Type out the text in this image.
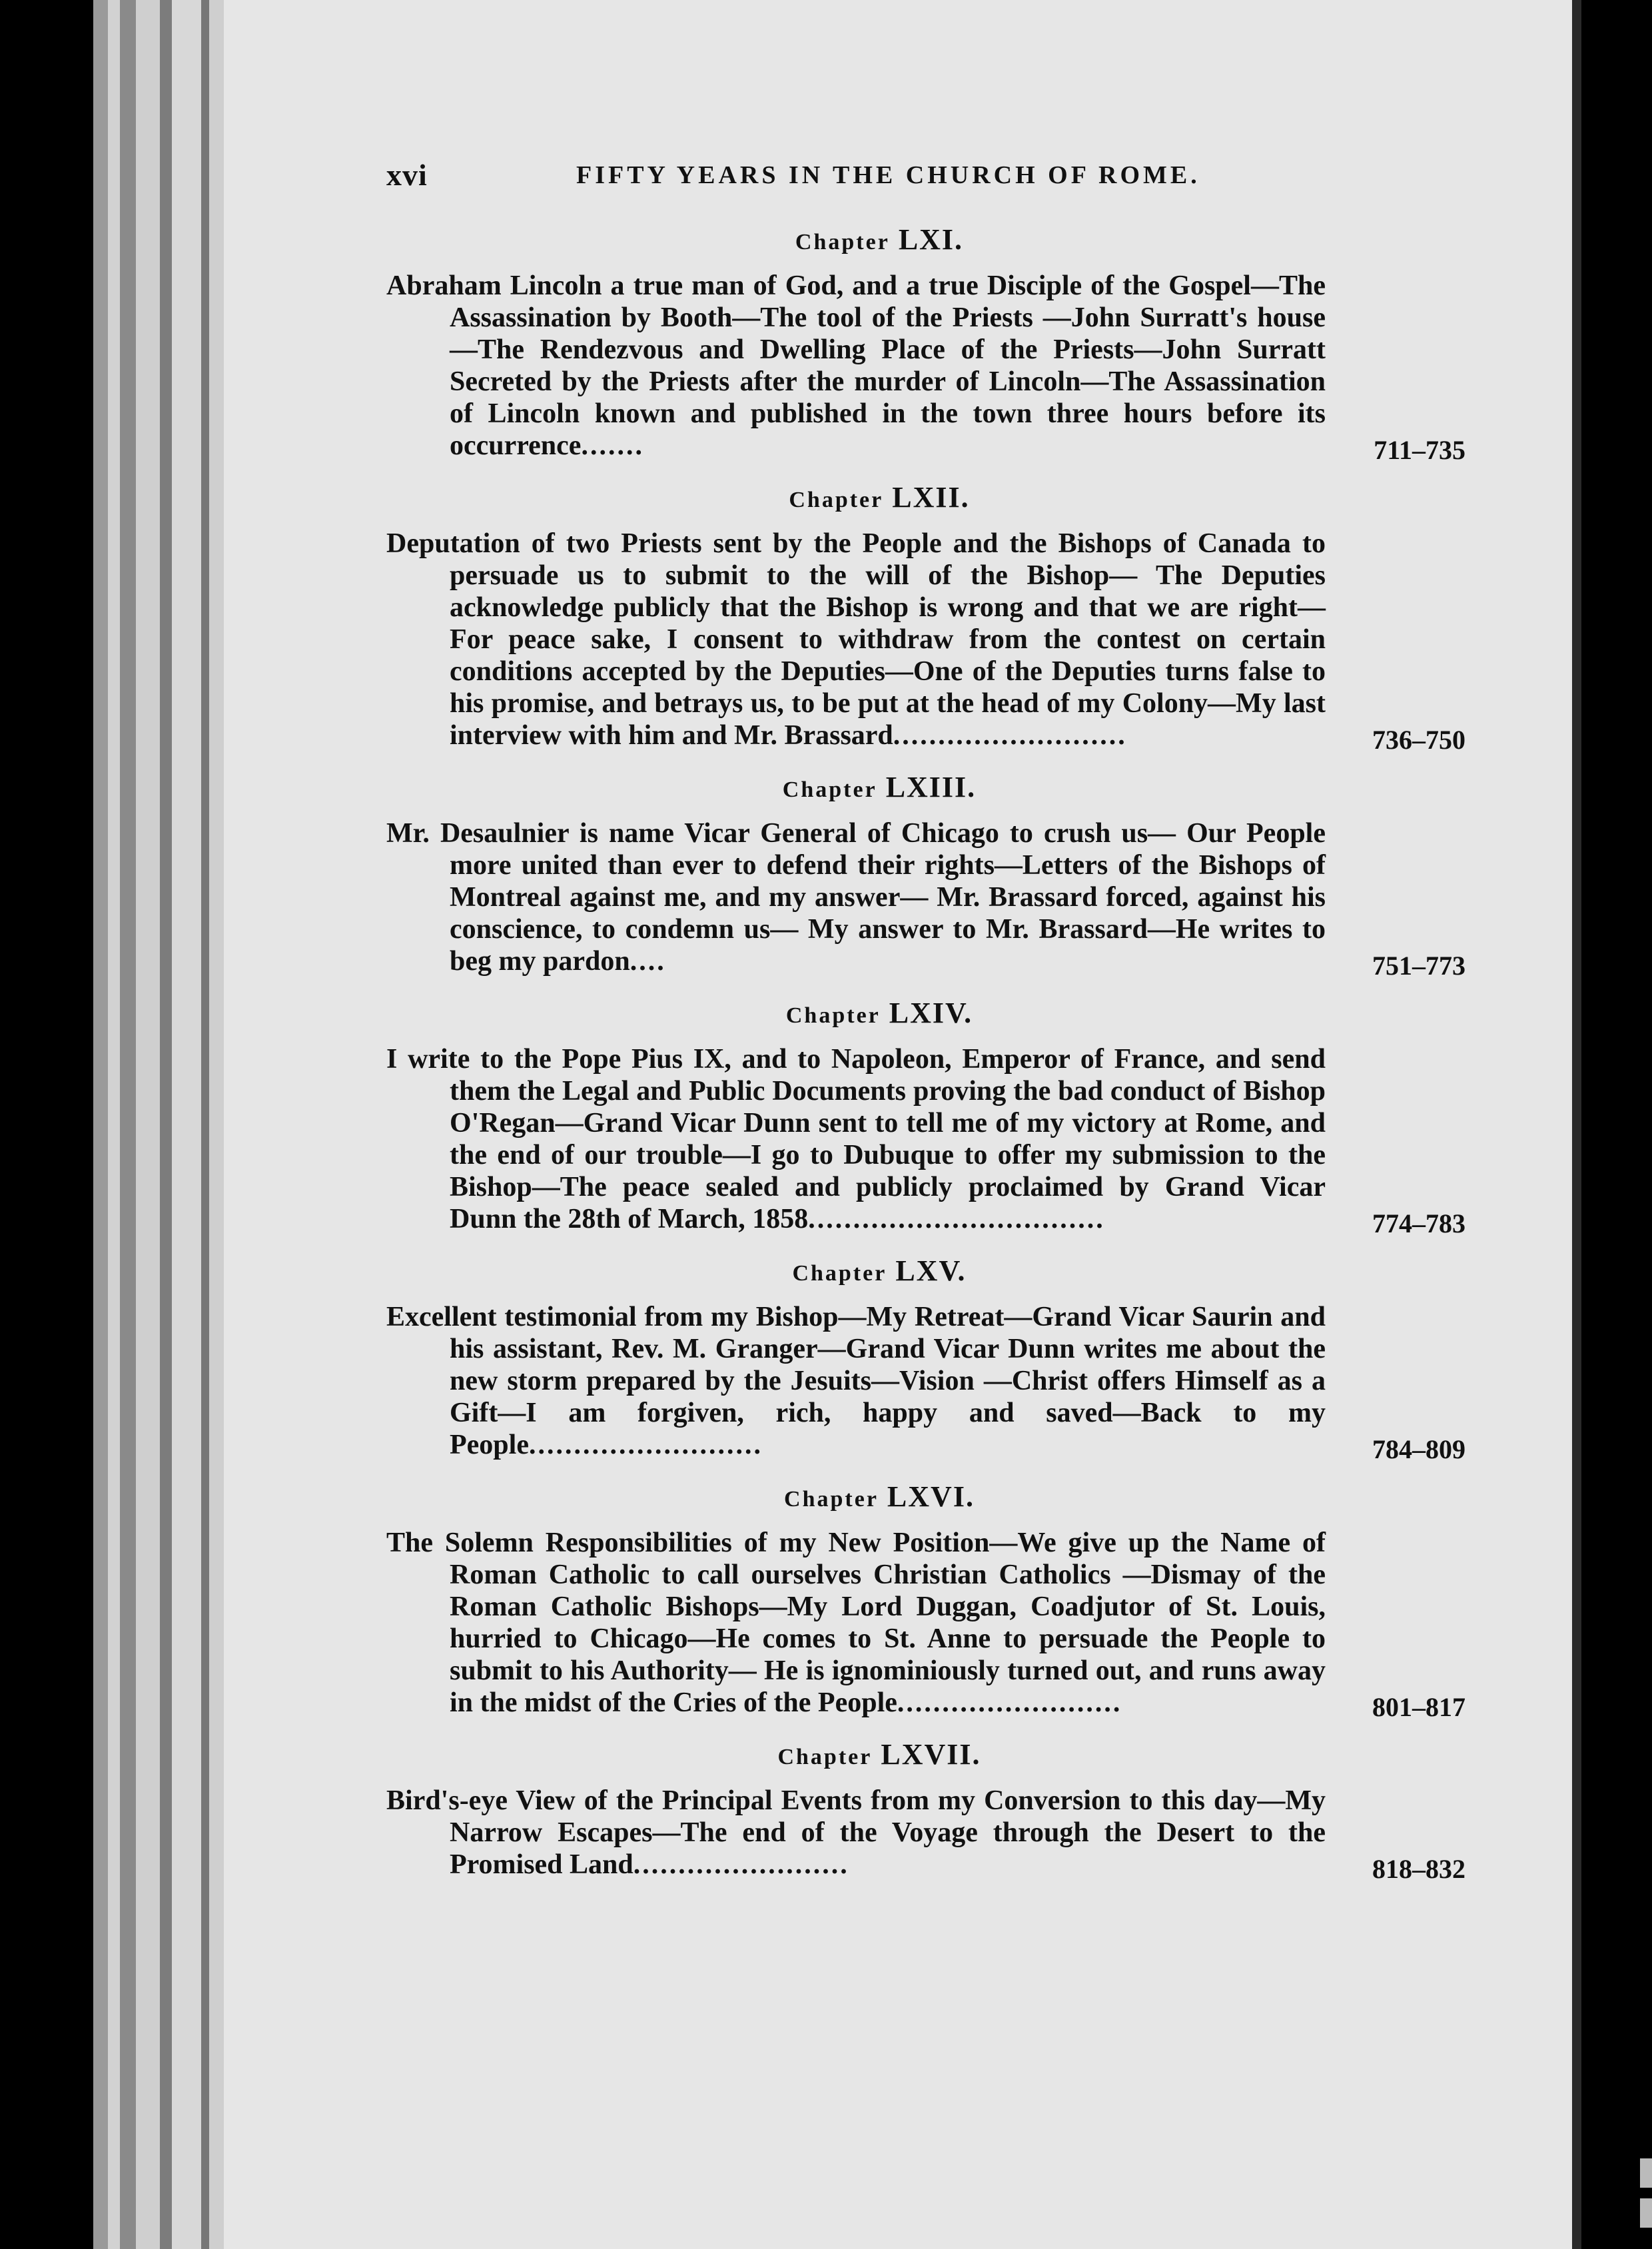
xvi	FIFTY YEARS IN THE CHURCH OF ROME.
Chapter LXI.

Abraham Lincoln a true man of God, and a true Disciple of the Gospel—The Assassination by Booth—The tool of the Priests —John Surratt's house—The Rendezvous and Dwelling Place of the Priests—John Surratt Secreted by the Priests after the murder of Lincoln—The Assassination of Lincoln known and published in the town three hours before its occurrence.......	711–735
Chapter LXII.

Deputation of two Priests sent by the People and the Bishops of Canada to persuade us to submit to the will of the Bishop— The Deputies acknowledge publicly that the Bishop is wrong and that we are right—For peace sake, I consent to withdraw from the contest on certain conditions accepted by the Deputies—One of the Deputies turns false to his promise, and betrays us, to be put at the head of my Colony—My last interview with him and Mr. Brassard..........................	736–750
Chapter LXIII.

Mr. Desaulnier is name Vicar General of Chicago to crush us— Our People more united than ever to defend their rights—Letters of the Bishops of Montreal against me, and my answer— Mr. Brassard forced, against his conscience, to condemn us— My answer to Mr. Brassard—He writes to beg my pardon....	751–773
Chapter LXIV.

I write to the Pope Pius IX, and to Napoleon, Emperor of France, and send them the Legal and Public Documents proving the bad conduct of Bishop O'Regan—Grand Vicar Dunn sent to tell me of my victory at Rome, and the end of our trouble—I go to Dubuque to offer my submission to the Bishop—The peace sealed and publicly proclaimed by Grand Vicar Dunn the 28th of March, 1858.................................	774–783
Chapter LXV.

Excellent testimonial from my Bishop—My Retreat—Grand Vicar Saurin and his assistant, Rev. M. Granger—Grand Vicar Dunn writes me about the new storm prepared by the Jesuits—Vision —Christ offers Himself as a Gift—I am forgiven, rich, happy and saved—Back to my People..........................	784–809
Chapter LXVI.

The Solemn Responsibilities of my New Position—We give up the Name of Roman Catholic to call ourselves Christian Catholics —Dismay of the Roman Catholic Bishops—My Lord Duggan, Coadjutor of St. Louis, hurried to Chicago—He comes to St. Anne to persuade the People to submit to his Authority— He is ignominiously turned out, and runs away in the midst of the Cries of the People.........................	801–817
Chapter LXVII.

Bird's-eye View of the Principal Events from my Conversion to this day—My Narrow Escapes—The end of the Voyage through the Desert to the Promised Land........................	818–832
